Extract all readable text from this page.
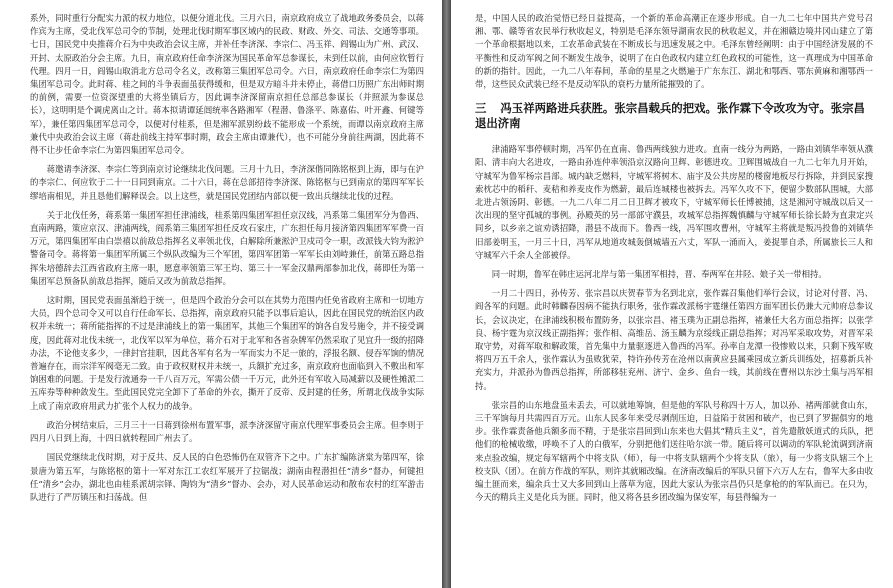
系外，同时重行分配实力派的权力地位，以便分道北伐。三月六日，南京政府成立了战地政务委员会，以蒋作宾为主席，受北伐军总司令的节制，处理北伐时期军事区域内的民政、财政、外交、司法、交通等事项。七日，国民党中央推蒋介石为中央政治会议主席，并补任李济深、李宗仁、冯玉祥、阎锡山为广州、武汉、开封、太原政治分会主席。九日，南京政府任命李济深为国民革命军总参谋长，未到任以前，由何应钦暂行代理。四月一日，阎锡山取消北方总司令名义，改称第三集团军总司令。六日，南京政府任命李宗仁为第四集团军总司令。此时蒋、桂之间的斗争表面虽获得缓和，但是双方暗斗并未停止，蒋借口历照广东出师时期的前例，需要一位资深望重的大将坐镇后方，因此调李济深留南京担任总部总参谋长（并照派为参谋总长），这明明是个调虎离山之计。蒋本拟请谭延闿统率各路湘军（程潜、鲁涤平、陈嘉佑、叶开鑫、何键等军），兼任第四集团军总司令，以便对付桂系，但是湘军派别纷歧不能形成一个系统，而谭以南京政府主席兼代中央政治会议主席（蒋赴前线主持军事时期，政会主席由谭兼代），也不可能分身前往两湖，因此蒋不得不让步任命李宗仁为第四集团军总司令。

蒋邀请李济深、李宗仁等到南京讨论继续北伐问题。三月十九日，李济深偕同陈铭枢到上海，即与在沪的李宗仁、何应钦于二十一日同到南京。二十六日，蒋在总部招待李济深、陈铭枢与已到南京的第四军军长缪培南相见，并且恳他们解释误会。以上这些，就是国民党团结内部以便一致出兵继续北伐的过程。

关于北伐任务，蒋系第一集团军担任津浦线，桂系第四集团军担任京汉线，冯系第二集团军分为鲁西、直南两路，策应京汉、津浦两线，阎系第三集团军担任反攻石家庄，广东担任每月接济第四集团军军费一百万元，第四集团军由白崇禧以前敌总指挥名义率领北伐，白解除所兼淞沪卫戍司令一职，改派钱大钧为淞沪警备司令。蒋将第一集团军所属三个纵队改编为三个军团，第四军团第一军军长由刘峙兼任，前第五路总指挥朱培德辞去江西省政府主席一职，愿意率领第三军王均、第三十一军金汉鼎两部参加北伐，蒋即任为第一集团军总预备队前敌总指挥，随后又改为前敌总指挥。

这时期，国民党表面虽渐趋于统一，但是四个政治分会可以在其势力范围内任免省政府主席和一切地方大员，四个总司令又可以自行任命军长、总指挥，南京政府只能予以事后追认，因此在国民党的统治区内政权并未统一；蒋所能指挥的不过是津浦线上的第一集团军，其他三个集团军的饷各自发号施令，并不接受调度，因此蒋对北伐未统一，北伐军以军为单位，蒋介石对于北军和各省杂牌军仍然采取了见宜升一级的招降办法，不论他支多少，一律封官挂职，因此各军有名为一军而实力不足一旅的，浮报名额、侵吞军饷的情况普遍存在，而宗洋军阀毫无二致。由于政权财权并未统一，兵额扩充过多，南京政府也面临到入不敷出和军饷困难的问题。于是发行流通券一千八百万元，军需公债一千万元，此外还有军收入局减薪以及硬性摊派二五库券等种种敛发生。至此国民党完全卸下了革命的外衣，撕开了反帝、反封建的任务，所谓北伐战争实际上成了南京政府用武力扩张个人权力的战争。

政治分树结束后，三月三十一日蒋到徐州布置军事，派李济深留守南京代理军事委员会主席。但李则于四月八日到上海，十四日就转程回广州去了。

国民党继续北伐时期，对于反共、反人民的白色恐怖仍在双管齐下之中。广东扩编陈济棠为第四军，徐景唐为第五军，与陈铭枢的第十一军对东江工农红军展开了拉锯战；湖南由程潜担任“清乡”督办，何键担任“清乡”会办，湖北也由桂系派胡宗铎、陶钧为“清乡”督办、会办，对人民革命运动和散布农村的红军游击队进行了严厉镇压和扫荡战。但

是，中国人民的政治觉悟已经日益提高，一个新的革命高潮正在逐步形成。自一九二七年中国共产党号召湘、鄂、赣等省农民举行秋收起义，特别是毛泽东领导湖南农民的秋收起义，并在湘赣边境井冈山建立了第一个革命根据地以来，工农革命武装在不断成长与迅速发展之中。毛泽东曾经阐明：由于中国经济发展的不平衡性和反动军阀之间不断发生战争，说明了在白色政权内建立红色政权的可能性，这一真理成为中国革命的新的指针。因此，一九二八年春间，革命的星星之火燃遍于广东东江、湖北和鄂西、鄂东黄麻和湘鄂西一带，这些民众武装已经不是反动军队的衰朽力量所能摧毁的了。

三 冯玉祥两路进兵获胜。张宗昌载兵的把戏。张作霖下令改攻为守。张宗昌退出济南

津浦路军事停顿时期，冯军仍在直南、鲁西两线独力进攻。直南一线分为两路，一路由刘镇华率领从濮阳、清丰向大名进攻，一路由孙连仲率领沿京汉路向卫辉、彰德进攻。卫辉围城战自一九二七年九月开始，守城军为鲁军杨宗昌部。城内缺乏燃料，守城军将树木、庙宇及公共房屋的楼窗地板尽行拆除，并到民家搜索枕芯中的稻秆、麦秸和养麦皮作为燃薪，最后连城楼也被拆去。冯军久攻不下，便留少数部队围城，大部北进占领汤阴、彰德。一九二八年二月二日卫辉才被攻下，守城军师长任博被捕，这是湘河守城战以后又一次出现的坚守孤城的事例。孙殿英的另一部部守濮县，攻城军总指挥魏慎麟与守城军师长徐长龄为直隶定兴同乡，以乡亲之谊劝诱招降，潜县不战而下。鲁西一线，冯军围攻曹州，守城军主将就是叛冯投鲁的刘镇华旧部姜明玉，一月三十日，冯军从地道攻城轰倒城墙五六丈，军队一涌而入，姜捉罪自杀，所属旅长三人和守城军六千余人全部被俘。

同一时期，鲁军在韩庄运河北岸与第一集团军相持，晋、奉两军在井陉、娘子关一带相持。

一月二十四日，孙传芳、张宗昌以庆贺春节为名到北京，张作霖召集他们举行会议，讨论对付晋、冯、阎各军的问题。此时韩麟春因病不能执行职务，张作霖改派杨宇霆继任第四方面军团长仍兼大元帅府总参议长，会议决定，在津浦线积极布置防务，以张宗昌、褚玉璞为正副总指挥，褚兼任大名方面总指挥；以张学良、杨宇霆为京汉线正副指挥；张作相、高维岳、汤玉麟为京绥线正副总指挥；对冯军采取攻势，对晋军采取守势，对蒋军取和解政策，首先集中力量驱逐进入鲁西的冯军。孙率自龙潭一役惨败以来，只剩下残军败将四万五千余人，张作霖认为虽败犹荣，特许孙传芳在沧州以南黄应县属乘园成立新兵训练处，招募新兵补充实力，并派孙为鲁西总指挥，所部移驻兖州、济宁、金乡、鱼台一线，其前线在曹州以东沙土集与冯军相持。

张宗昌的山东地盘虽未丢去，可以就地筹饷，但是他的军队号称四十万人，加以孙、褚两部就食山东，三千军饷每月共需四百万元。山东人民多年来受尽剥削压迫，日益陷于贫困和破产，也已到了罗掘俱穷的地步。张作霖责备他兵额多而不精，于是张宗昌回到山东来也大倡其“精兵主义”，首先遣散妖道式的兵队，把他们的枪械收缴，呼唤不了人的白俄军，分别把他们送往哈尔滨一带。随后将可以调动的军队轮流调到济南来点验改编，规定每军辖两个中将支队（师），每一中将支队辖两个少将支队（旅），每一少将支队辖三个上校支队（团）。在前方作战的军队，则许其就厢改编。在济南改编后的军队只留下六万人左右，鲁军大多由收编土匪而来，编余兵士又大多回到山上落草为寇，因此大家认为张宗昌仍只是拿枪的的军队而已。在只为，今天的精兵主义是化兵为匪。同时，他又将各县乡团改编为保安军，每县得编为一
